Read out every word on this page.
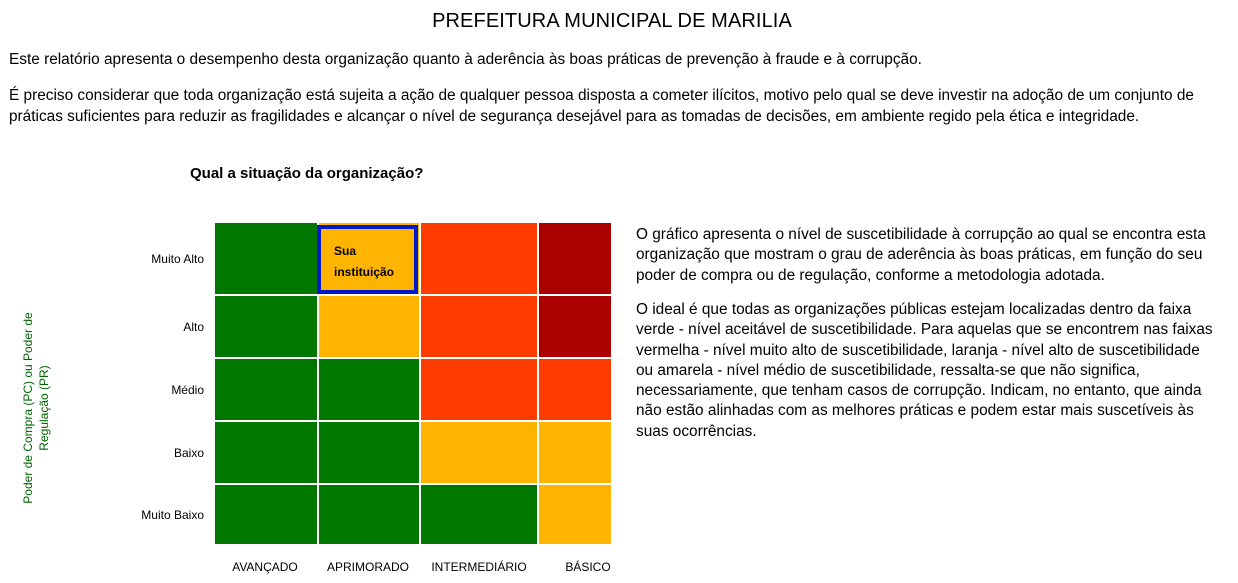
PREFEITURA MUNICIPAL DE MARILIA

Este relatório apresenta o desempenho desta organização quanto à aderência às boas práticas de prevenção à fraude e à corrupção.

É preciso considerar que toda organização está sujeita a ação de qualquer pessoa disposta a cometer ilícitos, motivo pelo qual se deve investir na adoção de um conjunto de práticas suficientes para reduzir as fragilidades e alcançar o nível de segurança desejável para as tomadas de decisões, em ambiente regido pela ética e integridade.

Qual a situação da organização?
Poder de Compra (PC) ou Poder de Regulação (PR)
Muito Alto
Alto
Médio
Baixo
Muito Baixo
Sua
instituição
AVANÇADO	APRIMORADO	INTERMEDIÁRIO	BÁSICO

O gráfico apresenta o nível de suscetibilidade à corrupção ao qual se encontra esta organização que mostram o grau de aderência às boas práticas, em função do seu poder de compra ou de regulação, conforme a metodologia adotada.

O ideal é que todas as organizações públicas estejam localizadas dentro da faixa verde - nível aceitável de suscetibilidade. Para aquelas que se encontrem nas faixas vermelha - nível muito alto de suscetibilidade, laranja - nível alto de suscetibilidade ou amarela - nível médio de suscetibilidade, ressalta-se que não significa, necessariamente, que tenham casos de corrupção. Indicam, no entanto, que ainda não estão alinhadas com as melhores práticas e podem estar mais suscetíveis às suas ocorrências.
